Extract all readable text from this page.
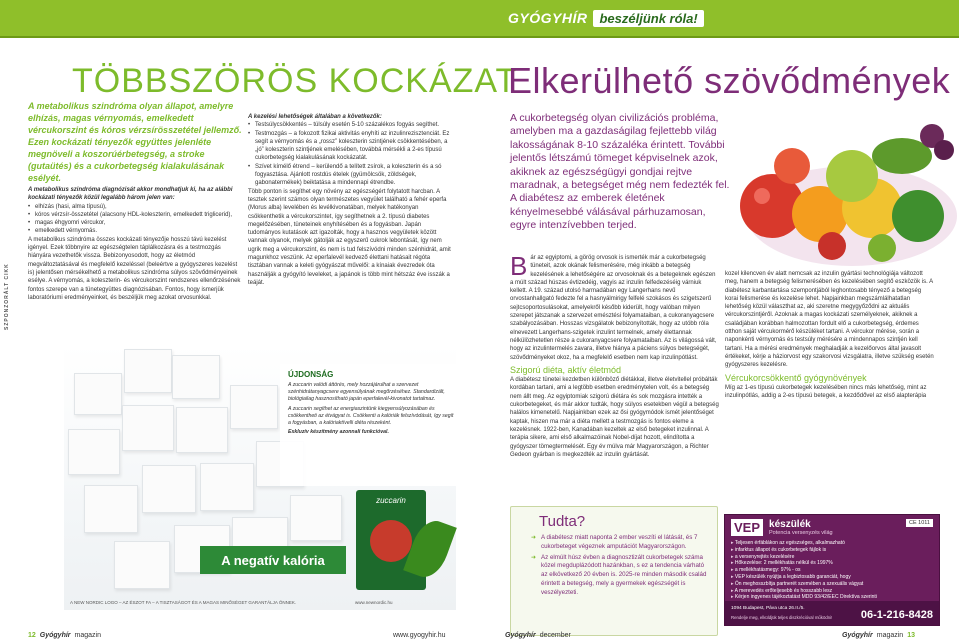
GYÓGYHÍR beszéljünk róla!
SZPONZORÁLT CIKK
TÖBBSZÖRÖS KOCKÁZAT
A metabolikus szindróma olyan állapot, amelyre elhízás, magas vérnyomás, emelkedett vércukorszint és kóros vérzsírösszetétel jellemző. Ezen kockázati tényezők együttes jelenléte megnöveli a koszorúérbetegség, a stroke (gutaütés) és a cukorbetegség kialakulásának esélyét.
A metabolikus szindróma diagnózisát akkor mondhatjuk ki, ha az alábbi kockázati tényezők közül legalább három jelen van:
• elhízás (hasi, alma típusú),
• kóros vérzsír-összetétel (alacsony HDL-koleszterin, emelkedett triglicerid),
• magas éhgyomri vércukor,
• emelkedett vérnyomás.
A metabolikus szindróma összes kockázati tényezője hosszú távú kezelést igényel. Ezek többnyire az egészségtelen táplálkozásra és a testmozgás hiányára vezethetők vissza. Bebizonyosodott, hogy az életmód megváltoztatásával és megfelelő kezeléssel (beleértve a gyógyszeres kezelést is) jelentősen mérsékelhető a metabolikus szindróma súlyos szövődményeinek esélye. A vérnyomás, a koleszterin- és vércukorszint rendszeres ellenőrzésének fontos szerepe van a tünetegyüttes diagnózisában. Fontos, hogy ismerjük laboratóriumi eredményeinket, és beszéljük meg azokat orvosunkkal.
A kezelési lehetőségek általában a következők:
• Testsúlycsökkentés – túlsúly esetén 5-10 százalékos fogyás segíthet.
• Testmozgás – a fokozott fizikai aktivitás enyhíti az inzulinrezisztenciát. Ez segít a vérnyomás és a „rossz” koleszterin szintjének csökkentésében, a „jó” koleszterin szintjének emelésében, továbbá mérsékli a 2-es típusú cukorbetegség kialakulásának kockázatát.
• Szívet kímélő étrend – kerülendő a telített zsírok, a koleszterin és a só fogyasztása. Ajánlott rostdús ételek (gyümölcsök, zöldségek, gabonatermékek) beiktatása a mindennapi étrendbe.
Több ponton is segíthet egy növény az egészségért folytatott harcban. A tesztek szerint számos olyan természetes vegyület található a fehér eperfa (Morus alba) levelében és levélkivonatában, melyek hatékonyan csökkenthetik a vércukorszintet, így segíthetnek a 2. típusú diabetes megelőzésében, tüneteinek enyhítésében és a fogyásban. Japán tudományos kutatások azt igazolták, hogy a hasznos vegyületek között vannak olyanok, melyek gátolják az egyszerű cukrok lebontását, így nem ugrik meg a vércukorszint, és nem is tud felszívódni minden szénhidrát, amit magunkhoz veszünk. Az eperfalevél kedvező élettani hatásait régóta tisztában vannak a keleti gyógyászat művelői: a kínaiak évezredek óta használják a gyógyító leveleket, a japánok is több mint hétszáz éve isszák a teáját.
ÚJDONSÁG
A zuccarin valódi áttörés, mely hozzájárulhat a szervezet szénhidrátanyagcsere egyensúlyának megőrzéséhez. Standardizált, biológiailag hasznosítható japán eperfalevél-kivonatot tartalmaz.
A zuccarin segíthet az energiaszintünk kiegyensúlyozásában és csökkentheti az étvágyat is. Csökkenti a kalóriák felszívódását, így segít a fogyásban, a kalóriaktívelli diéta részeként.
Exkluzív készítmény azonnali funkcióval.
zuccarin
A negatív kalória
A NEW NORDIC LOGO – AZ ÉSZOT FA – A TISZTASÁGOT ÉS A MAGAS MINŐSÉGET GARANTÁLJA ÖNNEK.	www.newnordic.hu
Elkerülhető szövődmények
A cukorbetegség olyan civilizációs probléma, amelyben ma a gazdaságilag fejlettebb világ lakosságának 8-10 százaléka érintett. További jelentős létszámú tömeget képviselnek azok, akiknek az egészségügyi gondjai rejtve maradnak, a betegséget még nem fedezték fel. A diabétesz az emberek életének kényelmesebbé válásával párhuzamosan, egyre intenzívebben terjed.
B ár az egyiptomi, a görög orvosok is ismerték már a cukorbetegség tüneteit, azok okának felismerésére, még inkább a betegség kezelésének a lehetőségére az orvosoknak és a betegeknek egészen a múlt század húszas évtizedéig, vagyis az inzulin felfedezéséig várniuk kellett. A 19. század utolsó harmadában egy Langerhans nevű orvostanhallgató fedezte fel a hasnyálmirigy felfelé szokásos és szigetszerű sejtcsoportosulásokat, amelyekről később kiderült, hogy valóban milyen szerepet játszanak a szervezet emésztési folyamataiban, a cukoranyagcsere szabályozásában. Hosszas vizsgálatok bebizonyították, hogy az utóbb róla elnevezett Langerhans-szigetek inzulint termelnek, amely élettannak nélkülözhetetlen része a cukoranyagcsere folyamataiban. Az is világossá vált, hogy az inzulintermelés zavara, illetve hiánya a páciens súlyos betegségét, szövődményeket okoz, ha a megfelelő esetben nem kap inzulinpótlást.
Szigorú diéta, aktív életmód
A diabétesz tünetei kezdetben különböző diétákkal, illetve életvitellel próbálták kordában tartani, ami a legtöbb esetben eredménytelen volt, és a betegség nem állt meg. Az egyiptomiak szigorú diétára és sok mozgásra intették a cukorbetegeket, és már akkor tudták, hogy súlyos esetekben végül a betegség halálos kimenetelű. Napjainkban ezek az ősi gyógymódok ismét jelentőséget kaptak, hiszen ma már a diéta mellett a testmozgás is fontos eleme a kezelésnek. 1922-ben, Kanadában kezeltek az első betegeket inzulinnal. A terápia sikere, ami első alkalmazóinak Nobel-díjat hozott, elindította a gyógyszer tömegtermelését. Egy év múlva már Magyarországon, a Richter Gedeon gyárban is megkezdték az inzulin gyártását.
kozel kilencven év alatt nemcsak az inzulin gyártási technológiája változott meg, hanem a betegség felismerésében és kezelésében segítő eszközök is. A diabétesz karbantartása szempontjából leghontosabb tényező a betegség korai felismerése és kezelése lehet. Napjainkban megszámlálhatatlan lehetőség közül választhat az, aki szeretne megygyőződni az aktuális vércukorszintjéről. Azoknak a magas kockázati személyeknek, akiknek a családjában korábban halmozottan fordult elő a cukorbetegség, érdemes otthon saját vércukormérő készüléket tartani. A vércukor mérése, során a naponkénti vérnyomás és testsúly mérésére a mindennapos szintjén kell tartani. Ha a mérési eredmények meghaladják a kezelőorvos által javasolt értékeket, kérje a háziorvost egy szakorvosi vizsgálatra, illetve szükség esetén gyógyszeres kezelésre.
Vércukorcsökkentő gyógynövények
Míg az 1-es típusú cukorbetegek kezelésében nincs más lehetőség, mint az inzulinpótlás, addig a 2-es típusú betegek, a kezdődővel az első alapterápia
Tudta?
➜ A diabétesz miatt naponta 2 ember veszíti el látását, és 7 cukorbeteget végeznek amputációt Magyarországon.
➜ Az elmúlt húsz évben a diagnosztizált cukorbetegek száma közel megduplázódott hazánkban, s ez a tendencia várható az elkövetkező 20 évben is. 2025-re minden második család érintett a betegség, mely a gyermekek egészségét is veszélyezteti.
VEP készülék
Potencia versenyzés világ
CE 1011
▸ Teljesen érfáblákon az egészséges, alkalmazható
▸ infarktus állapot és cukorbetegek fájlok is
▸ a versenyrejtés kezelésére
▸ Hőkezelése: 2 mellékhatás nélkül és 1997%
▸ a mellékhatásmegy: 97% - os
▸ VEP készülék nyújtja a legbiztosabb garanciát, hogy
▸ Ön meghosszbítja partnerét szemében a szexuális vágyat
▸ A merevedés erőteljesebb és hosszabb lesz
▸ Kérjen ingyenes tájékoztatást MDD 93/42/EEC Direktíva szerinti
1094 Budapest, Páva utca 26.II./5.
Rendelje meg, elküldjük teljes diszkrécióval működni!	06-1-216-8428
12 Gyógyhír magazin	www.gyogyhir.hu	Gyógyhír december	Gyógyhír magazin 13
